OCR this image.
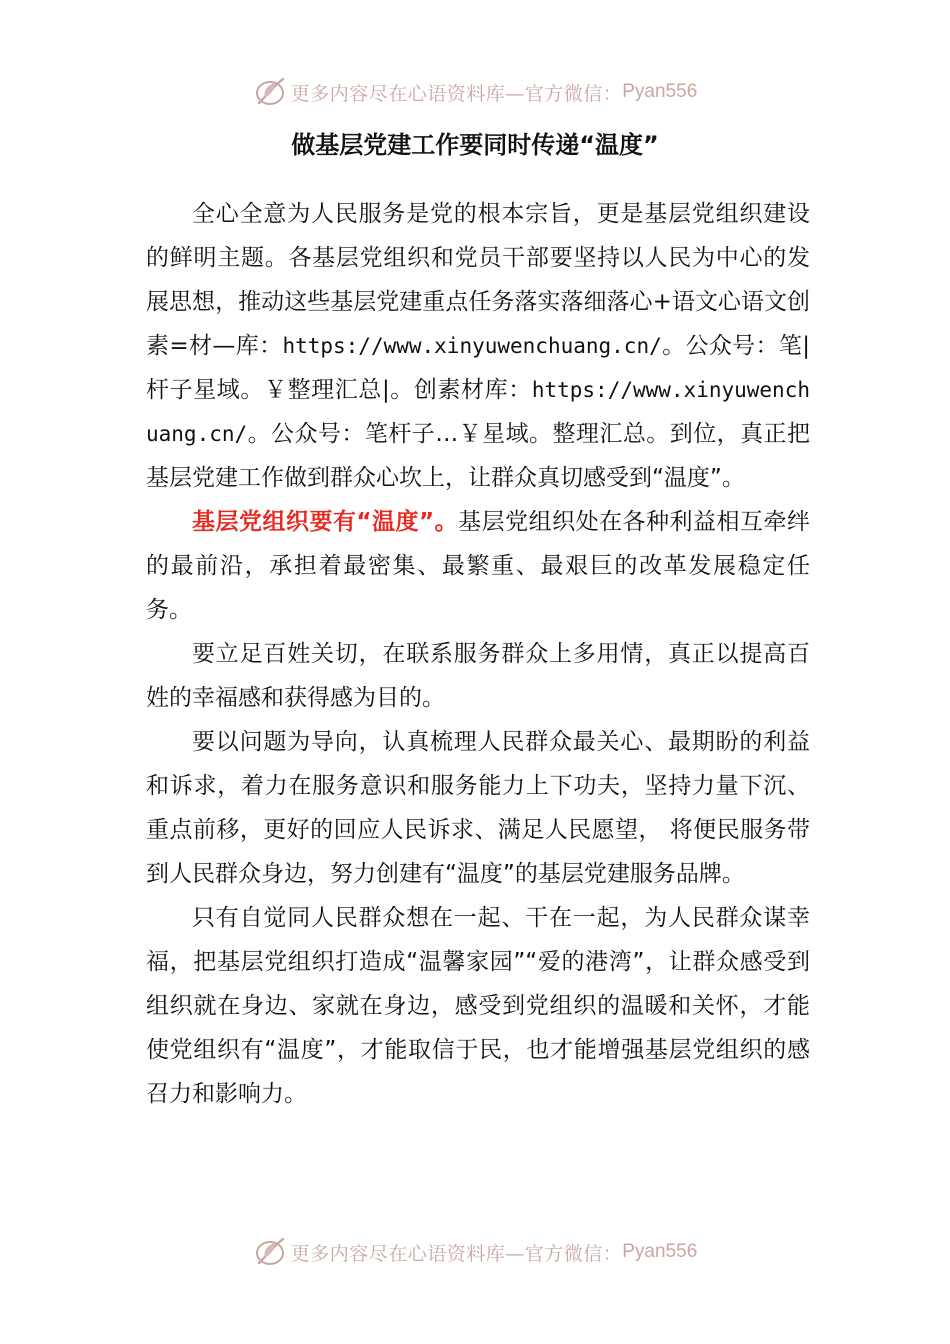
更多内容尽在心语资料库—官方微信： Pyan556
做基层党建工作要同时传递“温度”

全心全意为人民服务是党的根本宗旨，更是基层党组织建设的鲜明主题。各基层党组织和党员干部要坚持以人民为中心的发展思想，推动这些基层党建重点任务落实落细落心+语文心语文创素=材—库：https://www.xinyuwenchuang.cn/。公众号：笔|杆子星域。￥整理汇总|。创素材库：https://www.xinyuwenchuang.cn/。公众号：笔杆子…￥星域。整理汇总。到位，真正把基层党建工作做到群众心坎上，让群众真切感受到“温度”。

基层党组织要有“温度”。基层党组织处在各种利益相互牵绊的最前沿，承担着最密集、最繁重、最艰巨的改革发展稳定任务。

要立足百姓关切，在联系服务群众上多用情，真正以提高百姓的幸福感和获得感为目的。

要以问题为导向，认真梳理人民群众最关心、最期盼的利益和诉求，着力在服务意识和服务能力上下功夫，坚持力量下沉、重点前移，更好的回应人民诉求、满足人民愿望， 将便民服务带到人民群众身边，努力创建有“温度”的基层党建服务品牌。

只有自觉同人民群众想在一起、干在一起，为人民群众谋幸福，把基层党组织打造成“温馨家园”“爱的港湾”，让群众感受到组织就在身边、家就在身边，感受到党组织的温暖和关怀，才能使党组织有“温度”，才能取信于民，也才能增强基层党组织的感召力和影响力。

更多内容尽在心语资料库—官方微信： Pyan556
